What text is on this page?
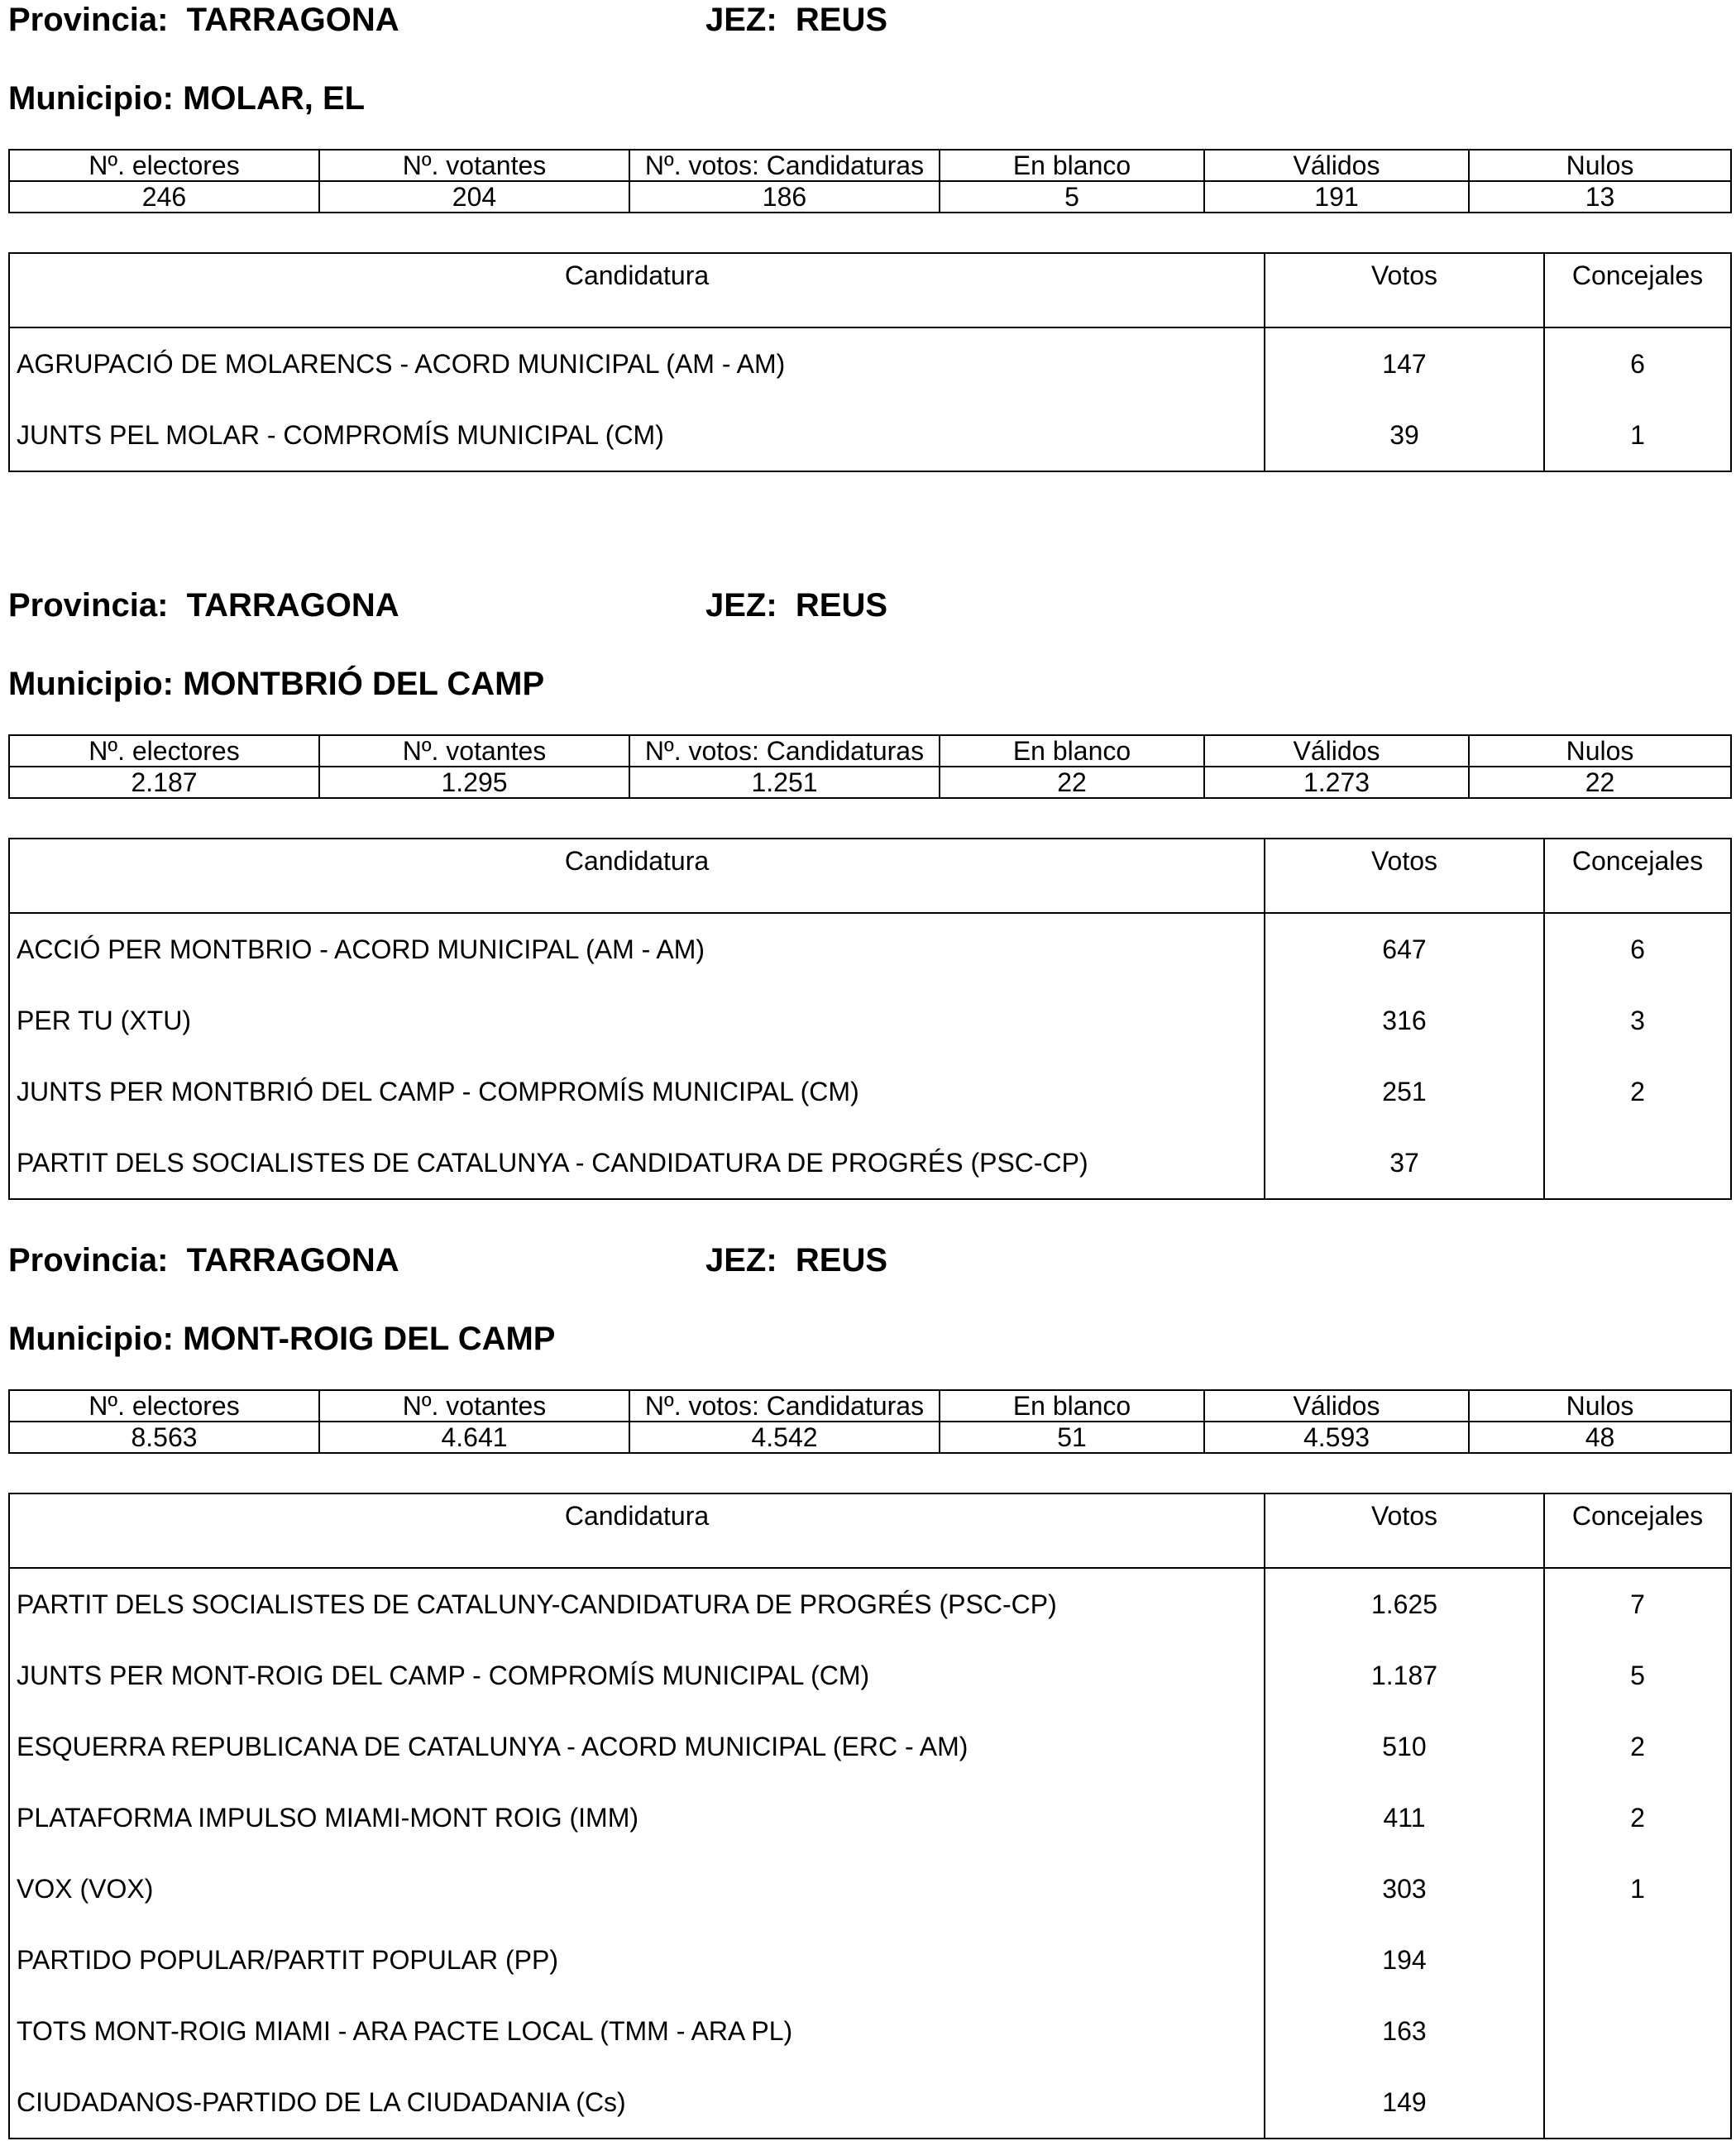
Provincia: TARRAGONA	JEZ: REUS
Municipio: MOLAR, EL
Nº. electores	Nº. votantes	Nº. votos: Candidaturas	En blanco	Válidos	Nulos
246	204	186	5	191	13
Candidatura	Votos	Concejales
AGRUPACIÓ DE MOLARENCS - ACORD MUNICIPAL (AM - AM)	147	6
JUNTS PEL MOLAR - COMPROMÍS MUNICIPAL (CM)	39	1
Provincia: TARRAGONA	JEZ: REUS
Municipio: MONTBRIÓ DEL CAMP
Nº. electores	Nº. votantes	Nº. votos: Candidaturas	En blanco	Válidos	Nulos
2.187	1.295	1.251	22	1.273	22
Candidatura	Votos	Concejales
ACCIÓ PER MONTBRIO - ACORD MUNICIPAL (AM - AM)	647	6
PER TU (XTU)	316	3
JUNTS PER MONTBRIÓ DEL CAMP - COMPROMÍS MUNICIPAL (CM)	251	2
PARTIT DELS SOCIALISTES DE CATALUNYA - CANDIDATURA DE PROGRÉS (PSC-CP)	37	
Provincia: TARRAGONA	JEZ: REUS
Municipio: MONT-ROIG DEL CAMP
Nº. electores	Nº. votantes	Nº. votos: Candidaturas	En blanco	Válidos	Nulos
8.563	4.641	4.542	51	4.593	48
Candidatura	Votos	Concejales
PARTIT DELS SOCIALISTES DE CATALUNY-CANDIDATURA DE PROGRÉS (PSC-CP)	1.625	7
JUNTS PER MONT-ROIG DEL CAMP - COMPROMÍS MUNICIPAL (CM)	1.187	5
ESQUERRA REPUBLICANA DE CATALUNYA - ACORD MUNICIPAL (ERC - AM)	510	2
PLATAFORMA IMPULSO MIAMI-MONT ROIG (IMM)	411	2
VOX (VOX)	303	1
PARTIDO POPULAR/PARTIT POPULAR (PP)	194	
TOTS MONT-ROIG MIAMI - ARA PACTE LOCAL (TMM - ARA PL)	163	
CIUDADANOS-PARTIDO DE LA CIUDADANIA (Cs)	149	
